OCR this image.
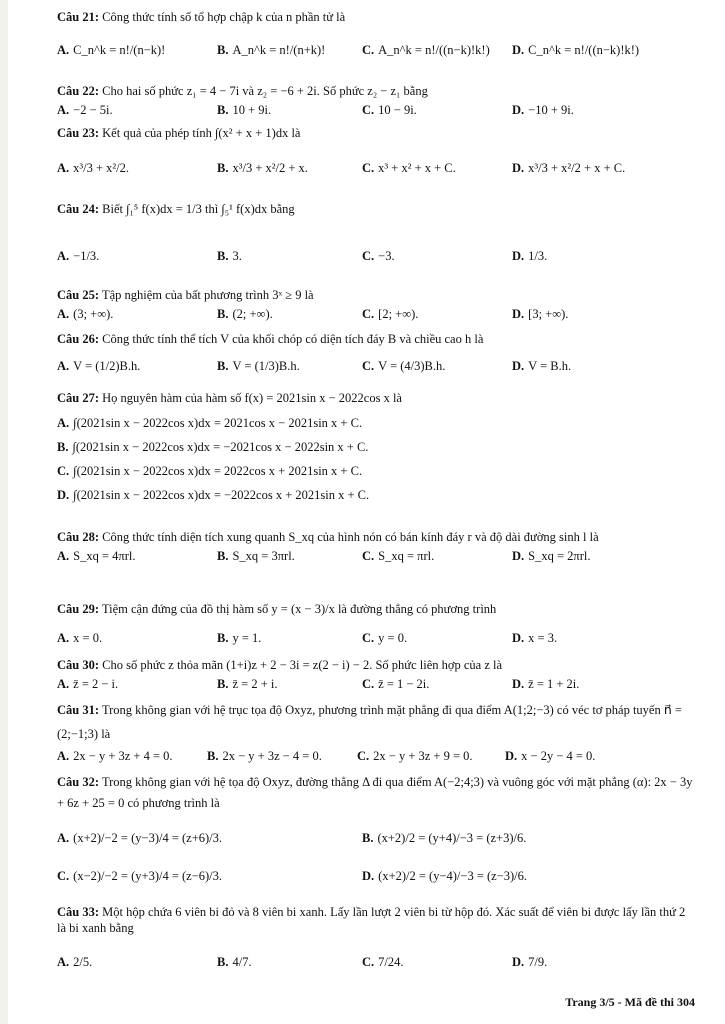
Câu 21: Công thức tính số tổ hợp chập k của n phần tử là
A. C_n^k = n!/(n−k)!	B. A_n^k = n!/(n+k)!	C. A_n^k = n!/((n−k)!k!) D. C_n^k = n!/((n−k)!k!)
Câu 22: Cho hai số phức z₁ = 4 − 7i và z₂ = −6 + 2i. Số phức z₂ − z₁ bằng
A. −2 − 5i.	B. 10 + 9i.	C. 10 − 9i.	D. −10 + 9i.
Câu 23: Kết quả của phép tính ∫(x² + x + 1)dx là
A. x³/3 + x²/2.	B. x³/3 + x²/2 + x.	C. x³ + x² + x + C.	D. x³/3 + x²/2 + x + C.
Câu 24: Biết ∫₁⁵ f(x)dx = 1/3 thì ∫₅¹ f(x)dx bằng
A. −1/3.	B. 3.	C. −3.	D. 1/3.
Câu 25: Tập nghiệm của bất phương trình 3ˣ ≥ 9 là
A. (3; +∞).	B. (2; +∞).	C. [2; +∞).	D. [3; +∞).
Câu 26: Công thức tính thể tích V của khối chóp có diện tích đáy B và chiều cao h là
A. V = (1/2)B.h.	B. V = (1/3)B.h.	C. V = (4/3)B.h.	D. V = B.h.
Câu 27: Họ nguyên hàm của hàm số f(x) = 2021sin x − 2022cos x là
A. ∫(2021sin x − 2022cos x)dx = 2021cos x − 2021sin x + C.
B. ∫(2021sin x − 2022cos x)dx = −2021cos x − 2022sin x + C.
C. ∫(2021sin x − 2022cos x)dx = 2022cos x + 2021sin x + C.
D. ∫(2021sin x − 2022cos x)dx = −2022cos x + 2021sin x + C.
Câu 28: Công thức tính diện tích xung quanh S_xq của hình nón có bán kính đáy r và độ dài đường sinh l là
A. S_xq = 4πrl.	B. S_xq = 3πrl.	C. S_xq = πrl.	D. S_xq = 2πrl.
Câu 29: Tiệm cận đứng của đồ thị hàm số y = (x − 3)/x là đường thẳng có phương trình
A. x = 0.	B. y = 1.	C. y = 0.	D. x = 3.
Câu 30: Cho số phức z thỏa mãn (1+i)z + 2 − 3i = z(2 − i) − 2. Số phức liên hợp của z là
A. z̄ = 2 − i.	B. z̄ = 2 + i.	C. z̄ = 1 − 2i.	D. z̄ = 1 + 2i.
Câu 31: Trong không gian với hệ trục tọa độ Oxyz, phương trình mặt phẳng đi qua điểm A(1;2;−3) có véc tơ pháp tuyến n⃗ = (2;−1;3) là
A. 2x − y + 3z + 4 = 0.	B. 2x − y + 3z − 4 = 0.	C. 2x − y + 3z + 9 = 0.	D. x − 2y − 4 = 0.
Câu 32: Trong không gian với hệ tọa độ Oxyz, đường thẳng Δ đi qua điểm A(−2;4;3) và vuông góc với mặt phẳng (α): 2x − 3y + 6z + 25 = 0 có phương trình là
A. (x+2)/−2 = (y−3)/4 = (z+6)/3.	B. (x+2)/2 = (y+4)/−3 = (z+3)/6.
C. (x−2)/−2 = (y+3)/4 = (z−6)/3.	D. (x+2)/2 = (y−4)/−3 = (z−3)/6.
Câu 33: Một hộp chứa 6 viên bi đỏ và 8 viên bi xanh. Lấy lần lượt 2 viên bi từ hộp đó. Xác suất để viên bi được lấy lần thứ 2 là bi xanh bằng
A. 2/5.	B. 4/7.	C. 7/24.	D. 7/9.
Trang 3/5 - Mã đề thi 304
